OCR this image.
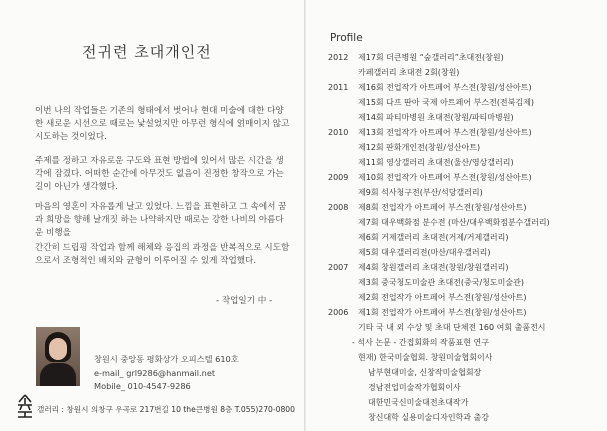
전귀련 초대개인전
이번 나의 작업들은 기존의 형태에서 벗어나 현대 미술에 대한 다양한 새로운 시선으로 때로는 낯설었지만 아무런 형식에 얽매이지 않고 시도하는 것이었다.
주제를 정하고 자유로운 구도와 표현 방법에 있어서 많은 시간을 생각에 잠겼다. 어떠한 순간에 아무것도 없음이 진정한 창작으로 가는 길이 아닌가 생각했다.
마음의 영혼이 자유롭게 날고 있었다. 느낌을 표현하고 그 속에서 꿈과 희망을 향해 날개짓 하는 나약하지만 때로는 강한 나비의 아름다운 비행을
간간히 드립핑 작업과 함께 해체와 응집의 과정을 반복적으로 시도함으로서 조형적인 배치와 균형이 이루어질 수 있게 작업했다.
- 작업일기 中 -
창원시 중앙동 평화상가 오피스텔 610호
e-mail_ grl9286@hanmail.net
Mobile_ 010-4547-9286
갤러리 : 창원시 의창구 우곡로 217번길 10 the큰병원 8층 T.055)270-0800
Profile
2012 제17회 더큰병원 “숲갤러리”초대전(창원)
카페갤러리 초대전 2회(창원)
2011 제16회 전업작가 아트페어 부스전(창원/성산아트)
제15회 다프 딴아 국제 아트페어 부스전(전북김제)
제14회 파티마병원 초대전(창원/파티마병원)
2010 제13회 전업작가 아트페어 부스전(창원/성산아트)
제12회 판화개인전(창원/성산아트)
제11회 영상갤러리 초대전(울산/영상갤러리)
2009 제10회 전업작가 아트페어 부스전(창원/성산아트)
제9회 석사청구전(부산/석당갤러리)
2008 제8회 전업작가 아트페어 부스전(창원/성산아트)
제7회 대우백화점 분수전 (마산/대우백화점분수갤러리)
제6회 거제갤러리 초대전(거제/거제갤러리)
제5회 대우갤러리전(마산/대우갤러리)
2007 제4회 창원갤러리 초대전(창원/창원갤러리)
제3회 중국청도미술관 초대전(중국/청도미술관)
제2회 전업작가 아트페어 부스전(창원/성산아트)
2006 제1회 전업작가 아트페어 부스전(창원/성산아트)
기타 국 내 외 수상 및 초대 단체전 160 여회 출품전시
- 석사 논문 - 간접회화의 작품표현 연구
현재) 한국미술협회. 창원미술협회이사
남부현대미술, 신창작미술협회장
경남전업미술작가협회이사
대한민국신미술대전초대작가
창신대학 실용미술디자인학과 출강
